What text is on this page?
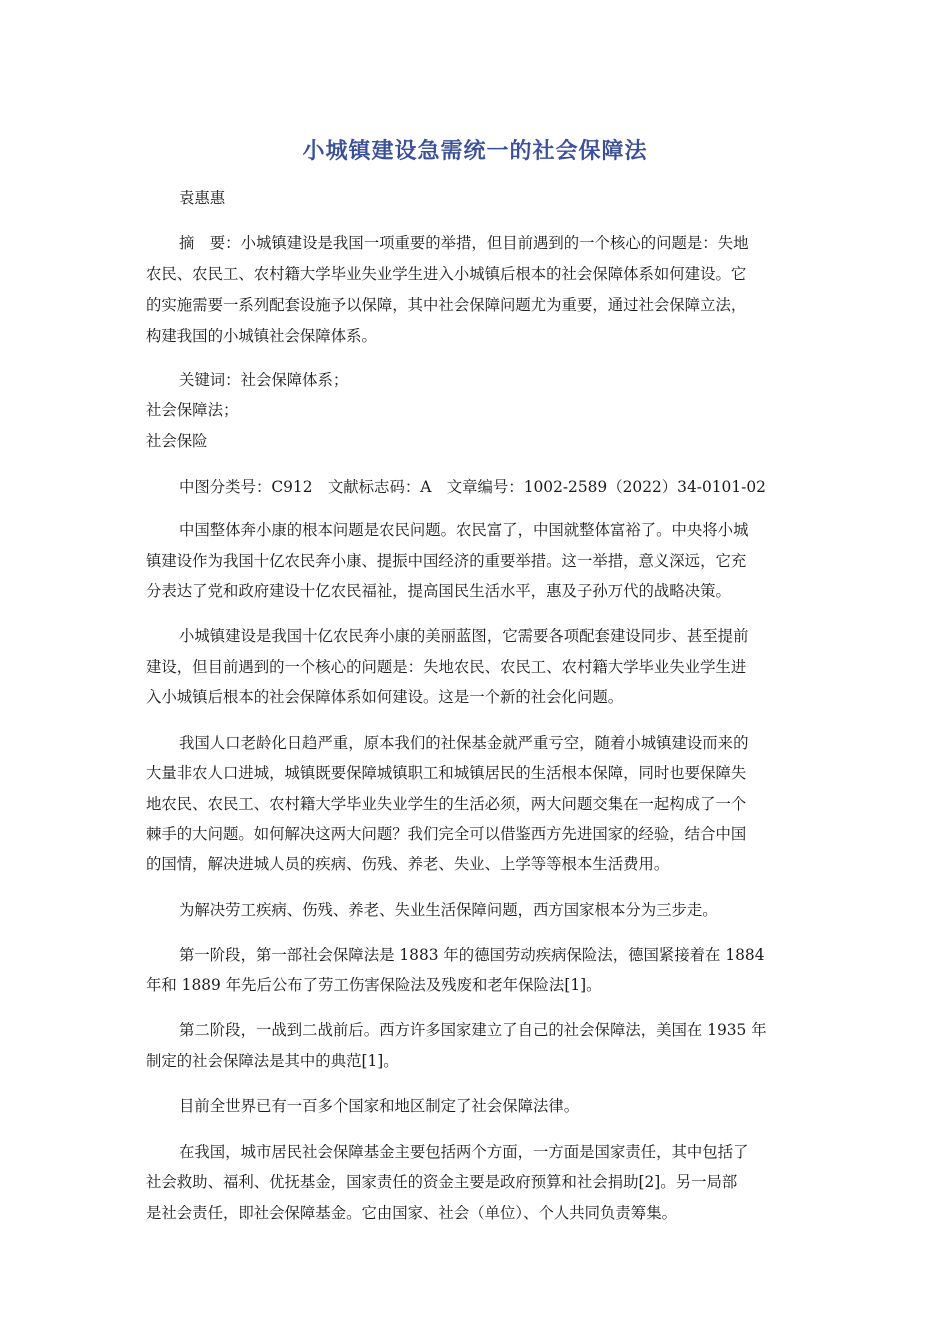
小城镇建设急需统一的社会保障法

袁惠惠

摘　要：小城镇建设是我国一项重要的举措，但目前遇到的一个核心的问题是：失地

农民、农民工、农村籍大学毕业失业学生进入小城镇后根本的社会保障体系如何建设。它

的实施需要一系列配套设施予以保障，其中社会保障问题尤为重要，通过社会保障立法，

构建我国的小城镇社会保障体系。

关键词：社会保障体系；

社会保障法；

社会保险

中图分类号：C912　文献标志码：A　文章编号：1002-2589（2022）34-0101-02

中国整体奔小康的根本问题是农民问题。农民富了，中国就整体富裕了。中央将小城

镇建设作为我国十亿农民奔小康、提振中国经济的重要举措。这一举措，意义深远，它充

分表达了党和政府建设十亿农民福祉，提高国民生活水平，惠及子孙万代的战略决策。

小城镇建设是我国十亿农民奔小康的美丽蓝图，它需要各项配套建设同步、甚至提前

建设，但目前遇到的一个核心的问题是：失地农民、农民工、农村籍大学毕业失业学生进

入小城镇后根本的社会保障体系如何建设。这是一个新的社会化问题。

我国人口老龄化日趋严重，原本我们的社保基金就严重亏空，随着小城镇建设而来的

大量非农人口进城，城镇既要保障城镇职工和城镇居民的生活根本保障，同时也要保障失

地农民、农民工、农村籍大学毕业失业学生的生活必须，两大问题交集在一起构成了一个

棘手的大问题。如何解决这两大问题？我们完全可以借鉴西方先进国家的经验，结合中国

的国情，解决进城人员的疾病、伤残、养老、失业、上学等等根本生活费用。

为解决劳工疾病、伤残、养老、失业生活保障问题，西方国家根本分为三步走。

第一阶段，第一部社会保障法是 1883 年的德国劳动疾病保险法，德国紧接着在 1884

年和 1889 年先后公布了劳工伤害保险法及残废和老年保险法[1]。

第二阶段，一战到二战前后。西方许多国家建立了自己的社会保障法，美国在 1935 年

制定的社会保障法是其中的典范[1]。

目前全世界已有一百多个国家和地区制定了社会保障法律。

在我国，城市居民社会保障基金主要包括两个方面，一方面是国家责任，其中包括了

社会救助、福利、优抚基金，国家责任的资金主要是政府预算和社会捐助[2]。另一局部

是社会责任，即社会保障基金。它由国家、社会（单位）、个人共同负责筹集。
